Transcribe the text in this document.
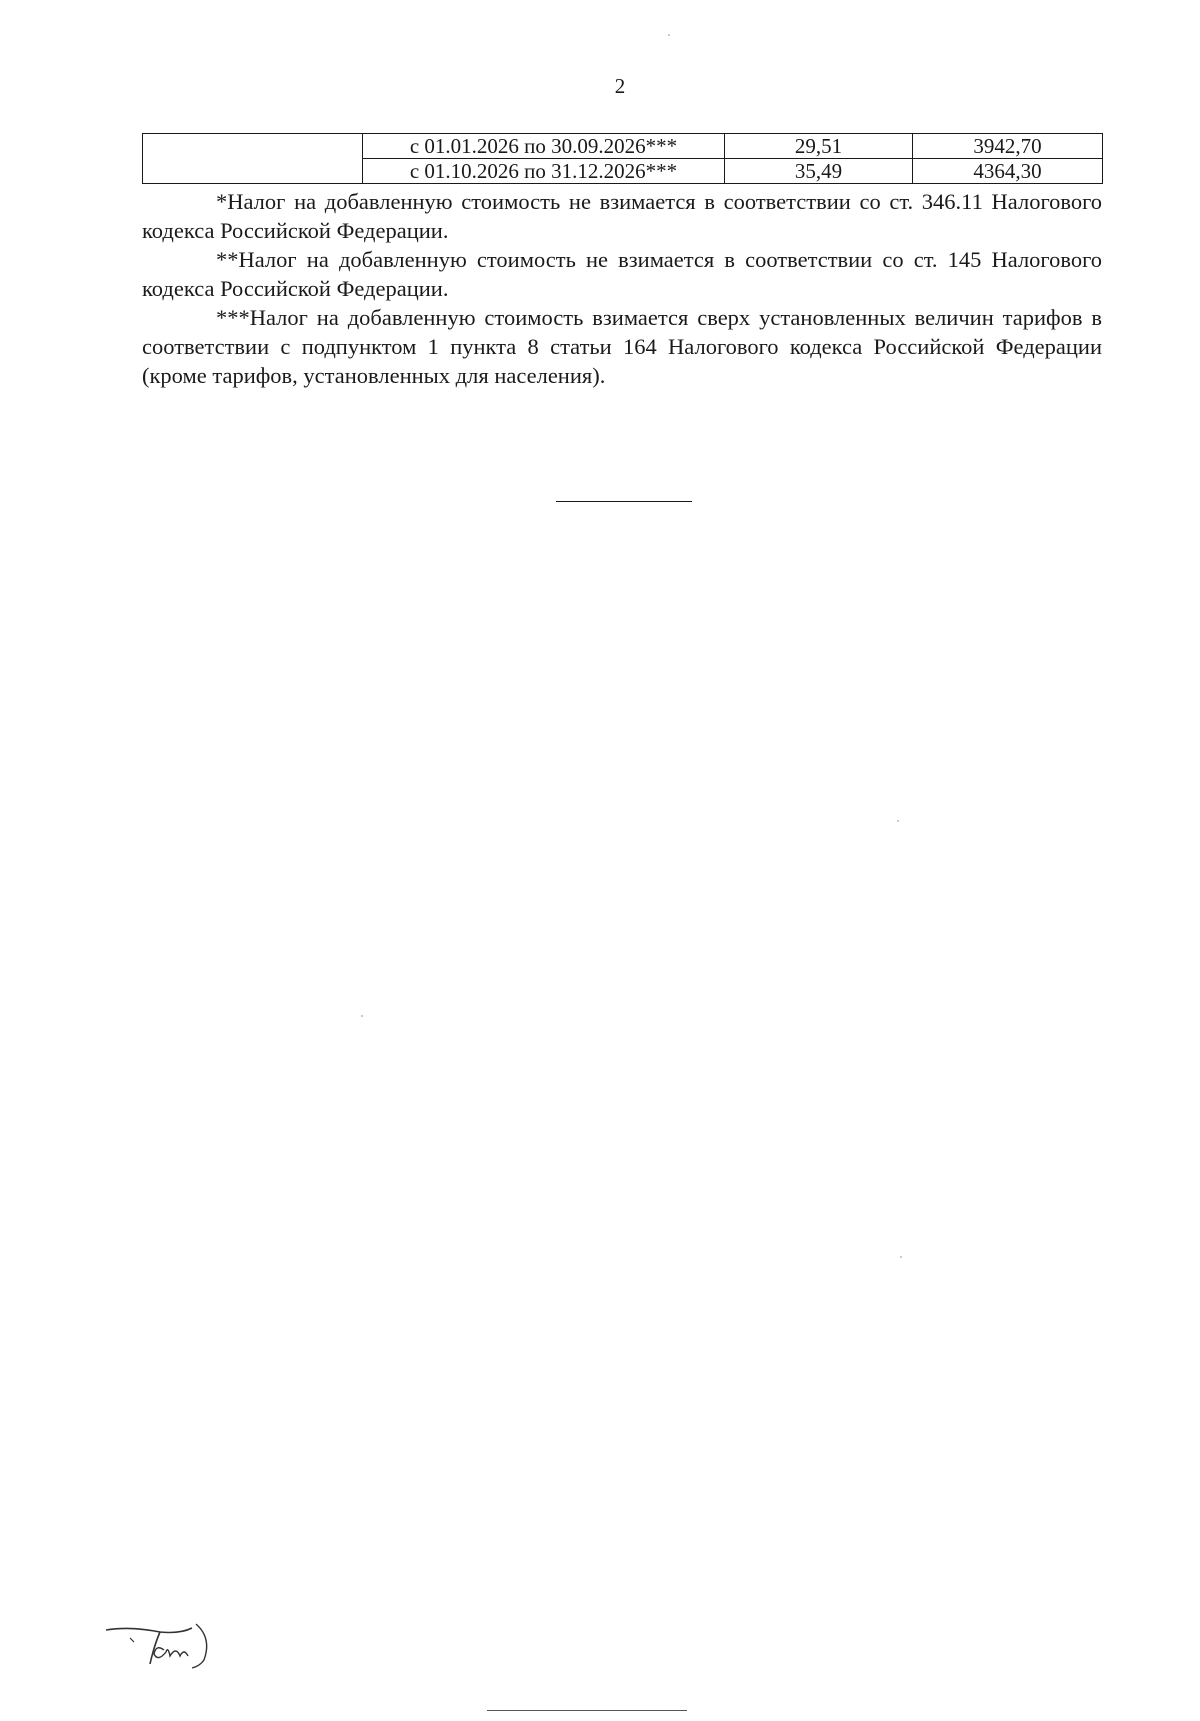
2
	с 01.01.2026 по 30.09.2026***	29,51	3942,70
	с 01.10.2026 по 31.12.2026***	35,49	4364,30

*Налог на добавленную стоимость не взимается в соответствии со ст. 346.11 Налогового кодекса Российской Федерации.

**Налог на добавленную стоимость не взимается в соответствии со ст. 145 Налогового кодекса Российской Федерации.

***Налог на добавленную стоимость взимается сверх установленных величин тарифов в соответствии с подпунктом 1 пункта 8 статьи 164 Налогового кодекса Российской Федерации (кроме тарифов, установленных для населения).
